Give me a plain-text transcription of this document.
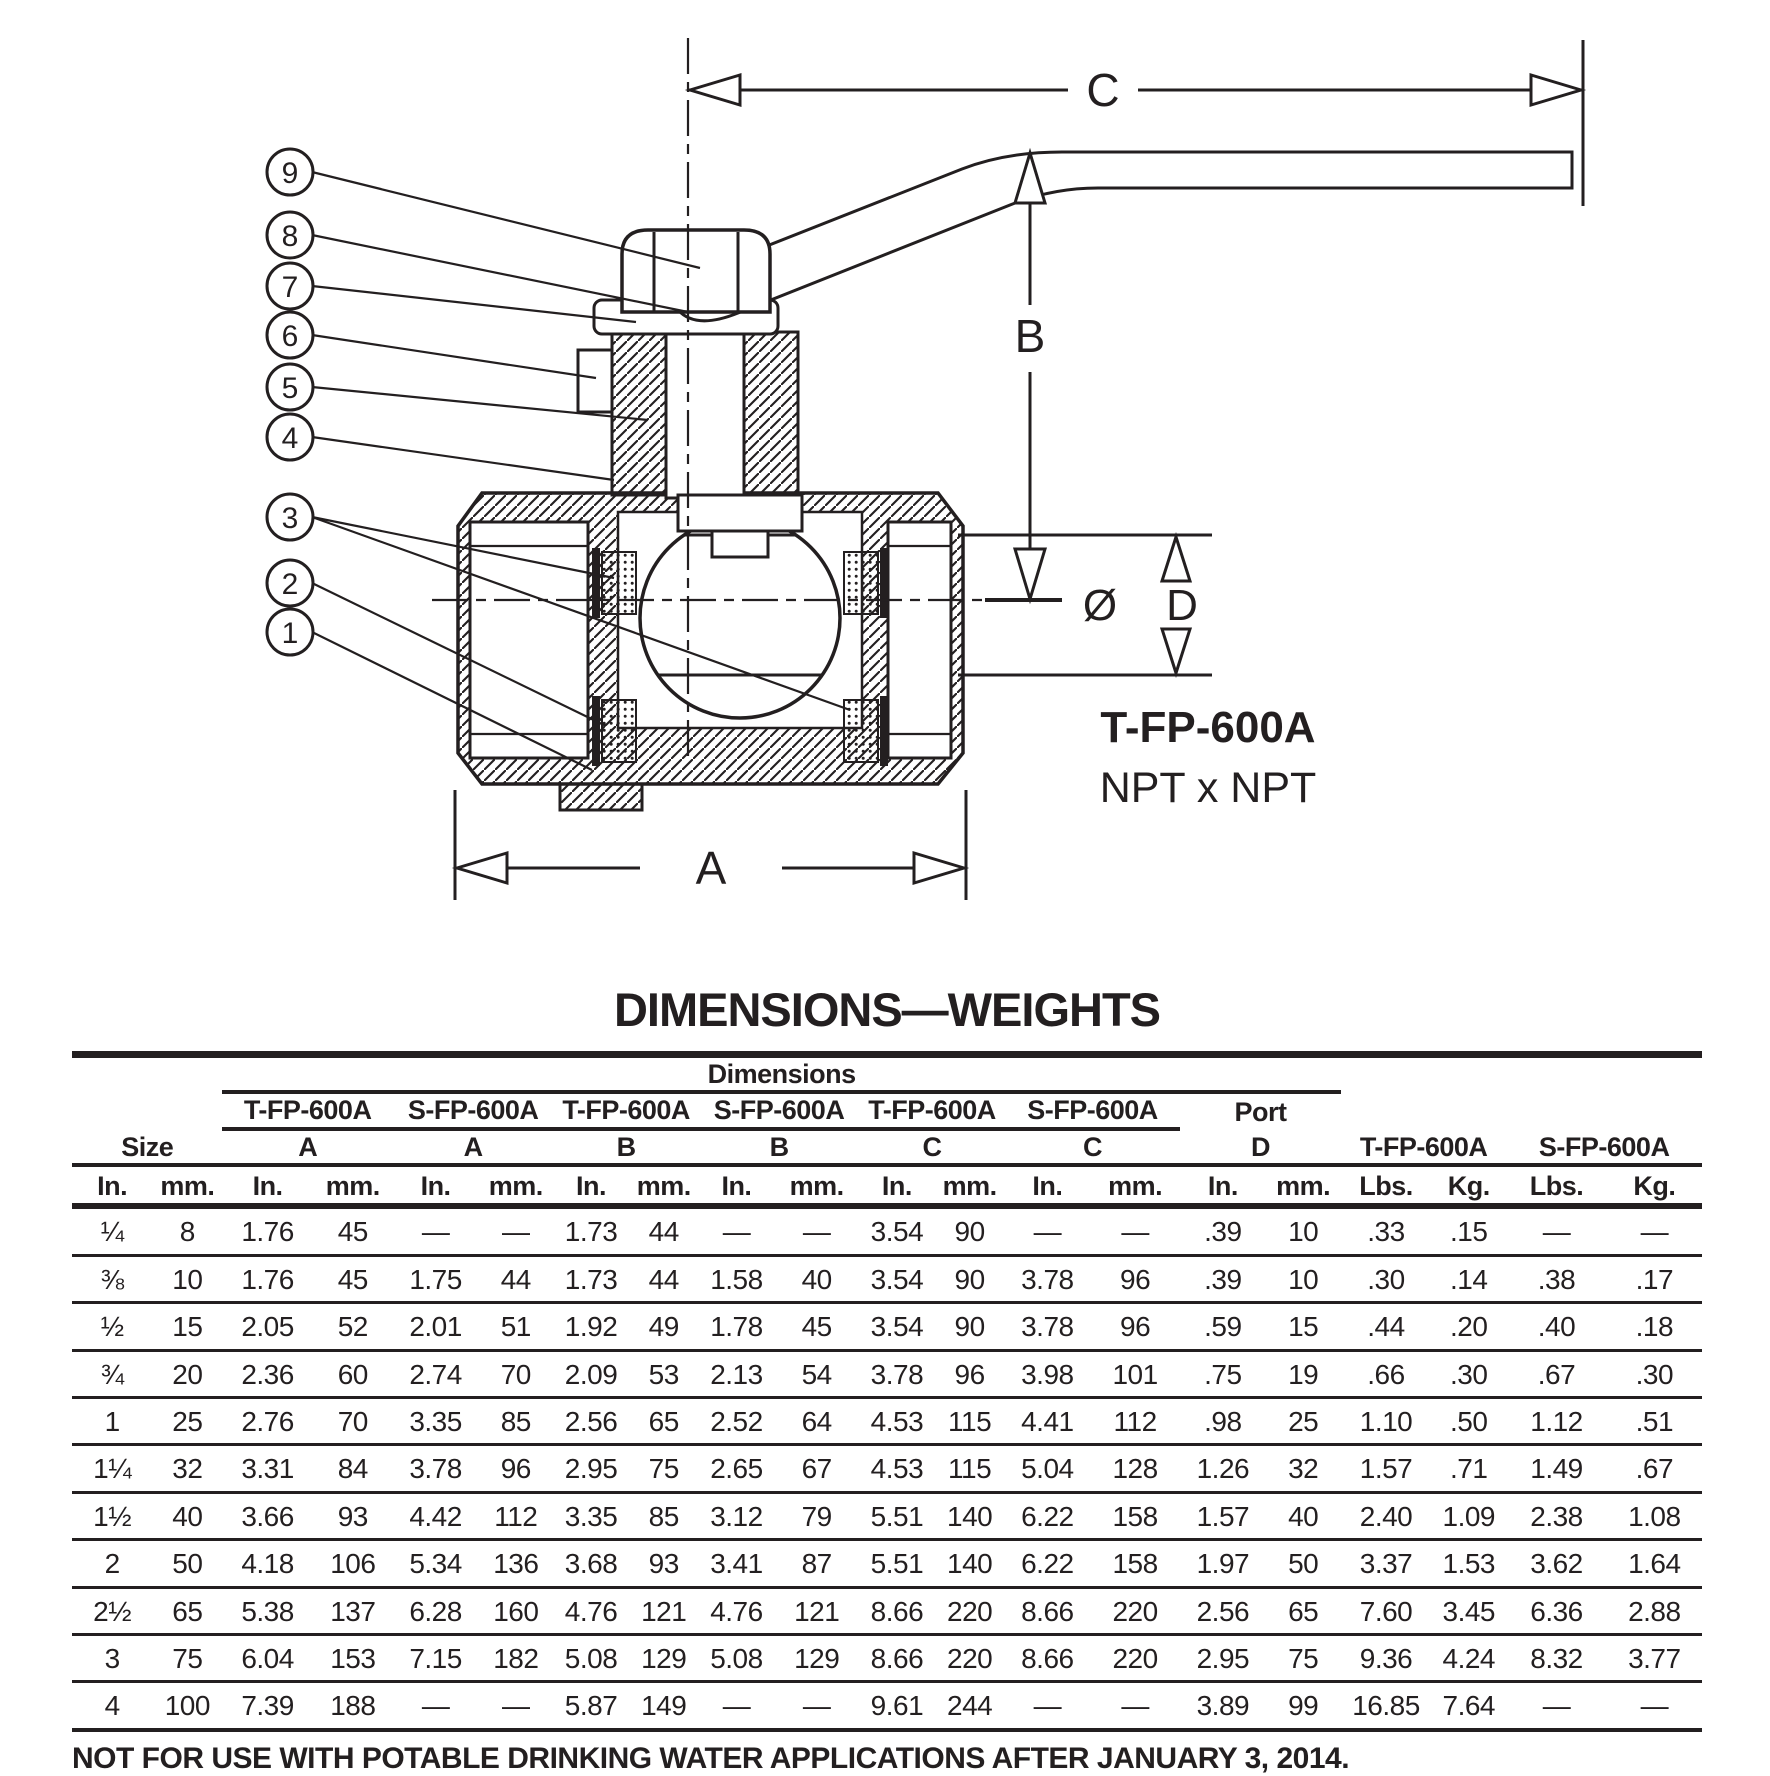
C
B
Ø D
A
9
8
7
6
5
4
3
2
1
T-FP-600A
NPT x NPT
DIMENSIONS—WEIGHTS
		Dimensions																	
		T-FP-600A		S-FP-600A		T-FP-600A		S-FP-600A		T-FP-600A		S-FP-600A		Port					
Size		A		A		B		B		C		C		D		T-FP-600A		S-FP-600A	
In.	mm.	In.	mm.	In.	mm.	In.	mm.	In.	mm.	In.	mm.	In.	mm.	In.	mm.	Lbs.	Kg.	Lbs.	Kg.
¼	8	1.76	45	—	—	1.73	44	—	—	3.54	90	—	—	.39	10	.33	.15	—	—
⅜	10	1.76	45	1.75	44	1.73	44	1.58	40	3.54	90	3.78	96	.39	10	.30	.14	.38	.17
½	15	2.05	52	2.01	51	1.92	49	1.78	45	3.54	90	3.78	96	.59	15	.44	.20	.40	.18
¾	20	2.36	60	2.74	70	2.09	53	2.13	54	3.78	96	3.98	101	.75	19	.66	.30	.67	.30
1	25	2.76	70	3.35	85	2.56	65	2.52	64	4.53	115	4.41	112	.98	25	1.10	.50	1.12	.51
1¼	32	3.31	84	3.78	96	2.95	75	2.65	67	4.53	115	5.04	128	1.26	32	1.57	.71	1.49	.67
1½	40	3.66	93	4.42	112	3.35	85	3.12	79	5.51	140	6.22	158	1.57	40	2.40	1.09	2.38	1.08
2	50	4.18	106	5.34	136	3.68	93	3.41	87	5.51	140	6.22	158	1.97	50	3.37	1.53	3.62	1.64
2½	65	5.38	137	6.28	160	4.76	121	4.76	121	8.66	220	8.66	220	2.56	65	7.60	3.45	6.36	2.88
3	75	6.04	153	7.15	182	5.08	129	5.08	129	8.66	220	8.66	220	2.95	75	9.36	4.24	8.32	3.77
4	100	7.39	188	—	—	5.87	149	—	—	9.61	244	—	—	3.89	99	16.85	7.64	—	—
NOT FOR USE WITH POTABLE DRINKING WATER APPLICATIONS AFTER JANUARY 3, 2014.
